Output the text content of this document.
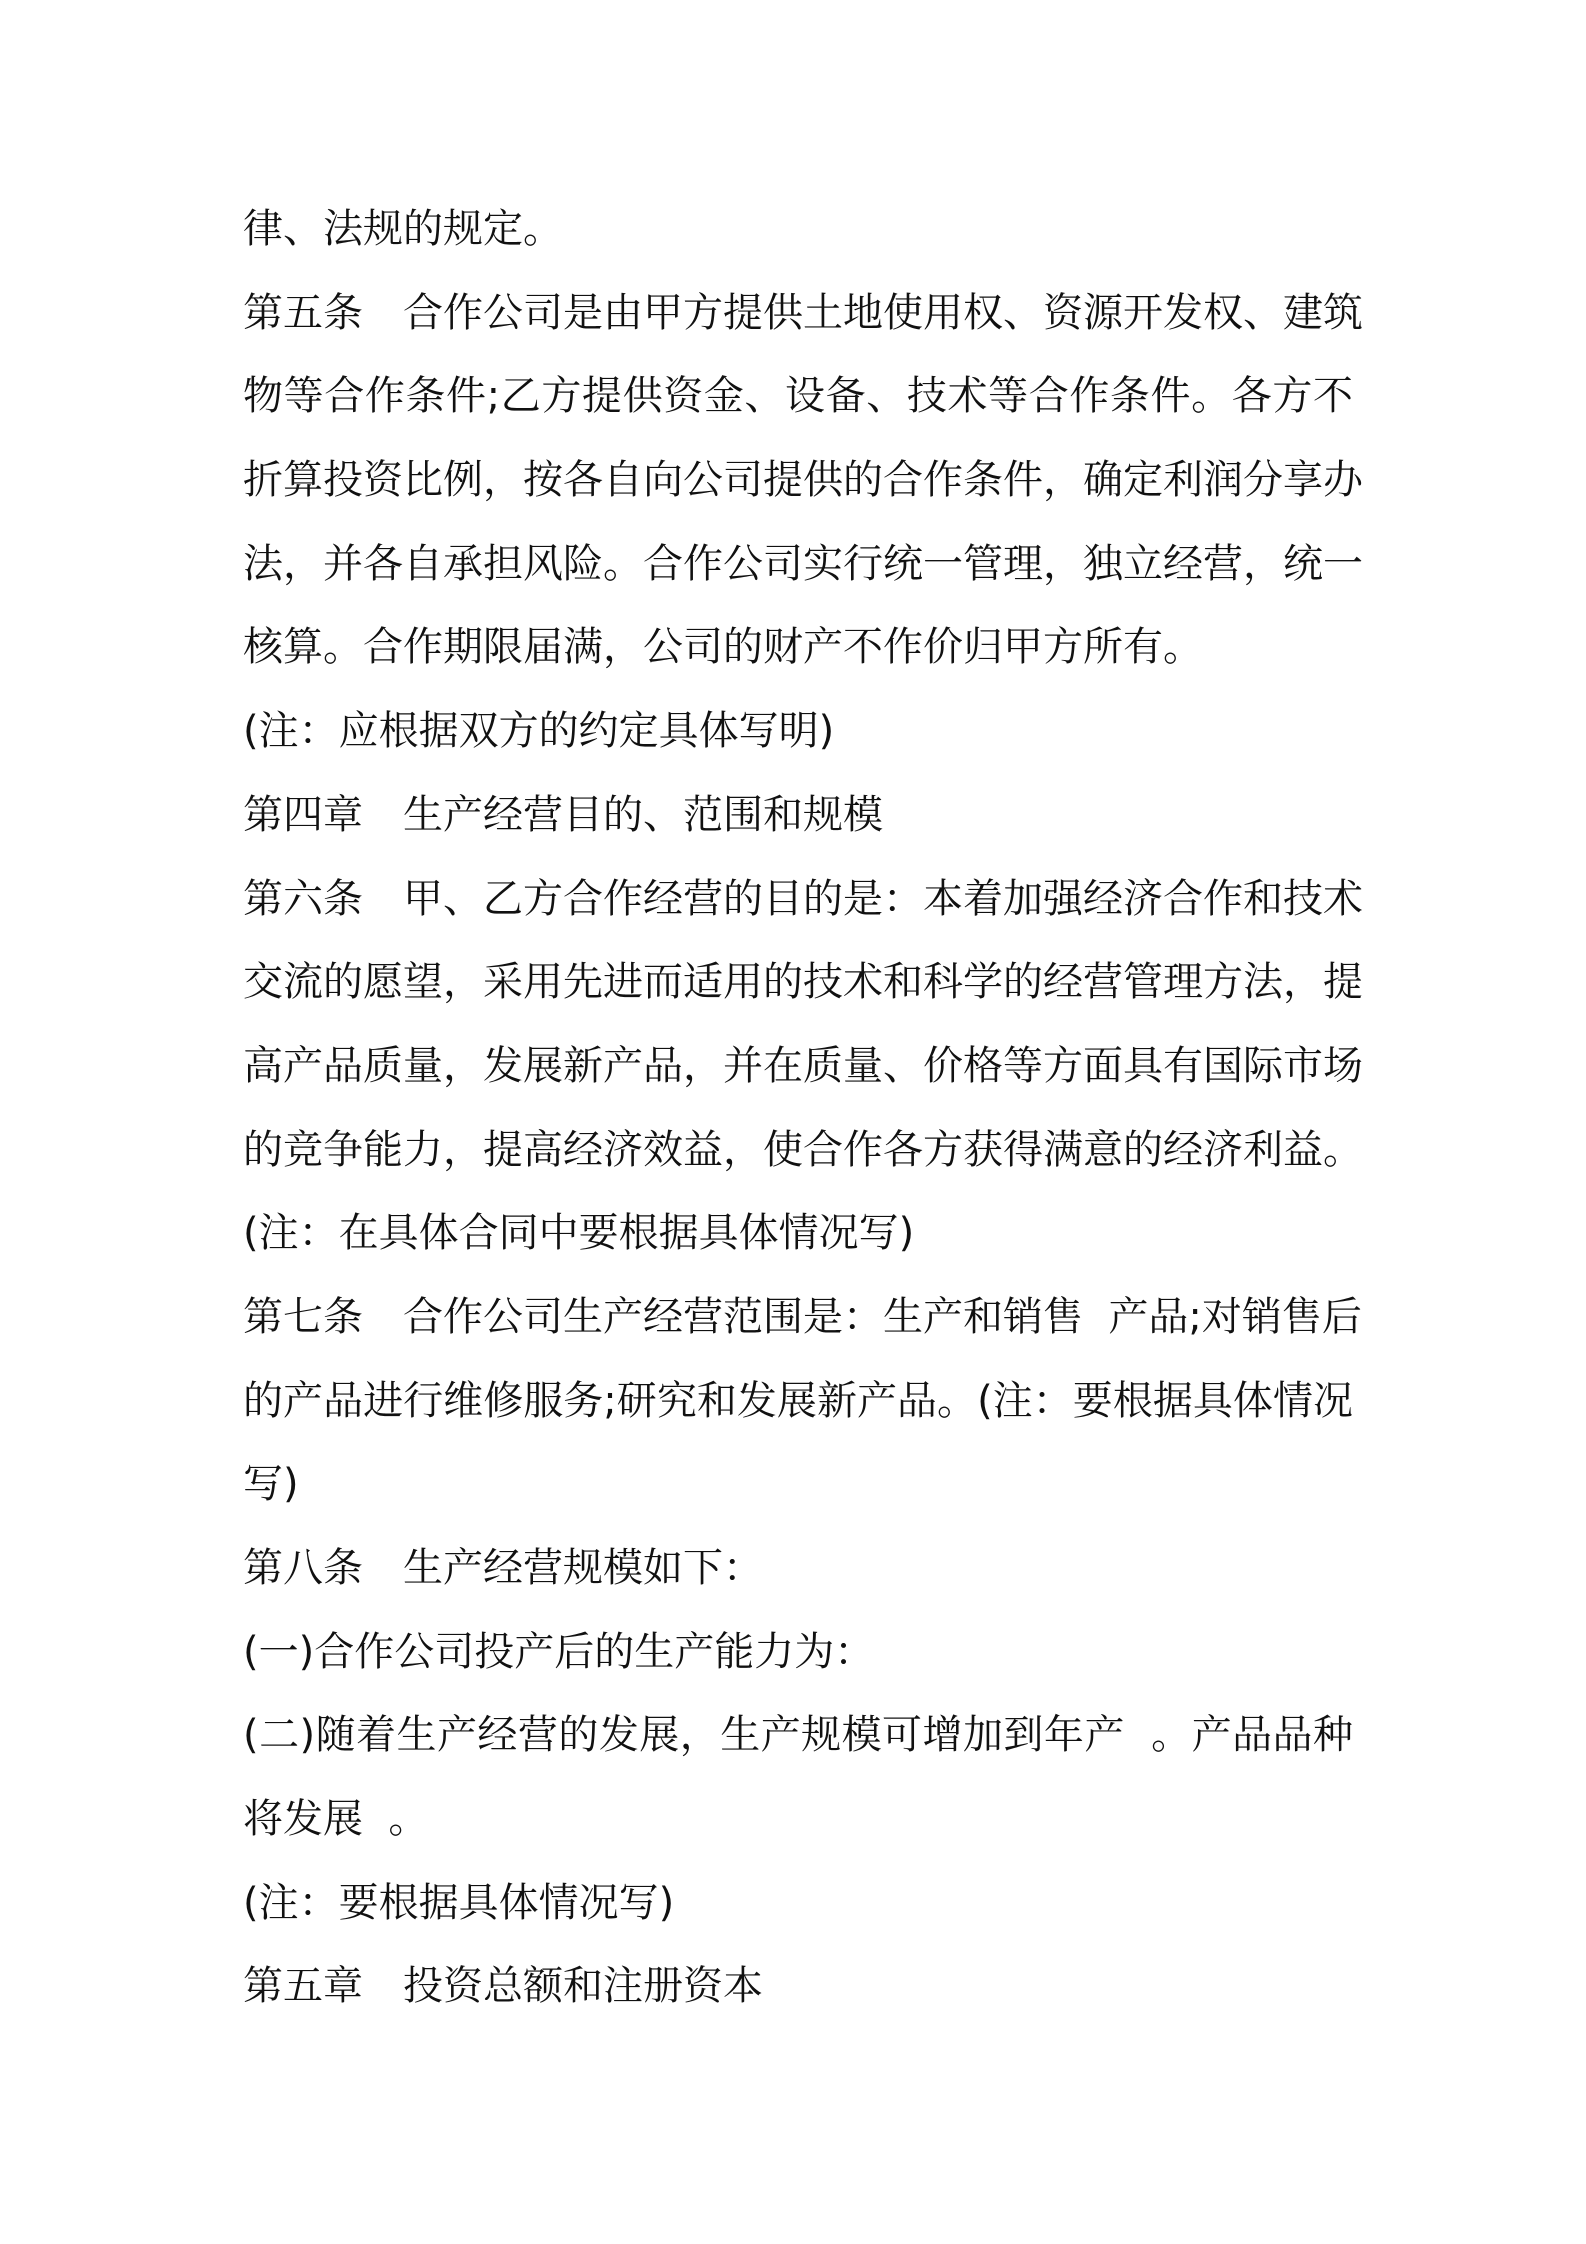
律、法规的规定。
第五条　合作公司是由甲方提供土地使用权、资源开发权、建筑
物等合作条件;乙方提供资金、设备、技术等合作条件。各方不
折算投资比例，按各自向公司提供的合作条件，确定利润分享办
法，并各自承担风险。合作公司实行统一管理，独立经营，统一
核算。合作期限届满，公司的财产不作价归甲方所有。
(注：应根据双方的约定具体写明)
第四章　生产经营目的、范围和规模
第六条　甲、乙方合作经营的目的是：本着加强经济合作和技术
交流的愿望，采用先进而适用的技术和科学的经营管理方法，提
高产品质量，发展新产品，并在质量、价格等方面具有国际市场
的竞争能力，提高经济效益，使合作各方获得满意的经济利益。
(注：在具体合同中要根据具体情况写)
第七条　合作公司生产经营范围是：生产和销售  产品;对销售后
的产品进行维修服务;研究和发展新产品。(注：要根据具体情况
写)
第八条　生产经营规模如下：
(一)合作公司投产后的生产能力为：
(二)随着生产经营的发展，生产规模可增加到年产  。产品品种
将发展  。
(注：要根据具体情况写)
第五章　投资总额和注册资本
